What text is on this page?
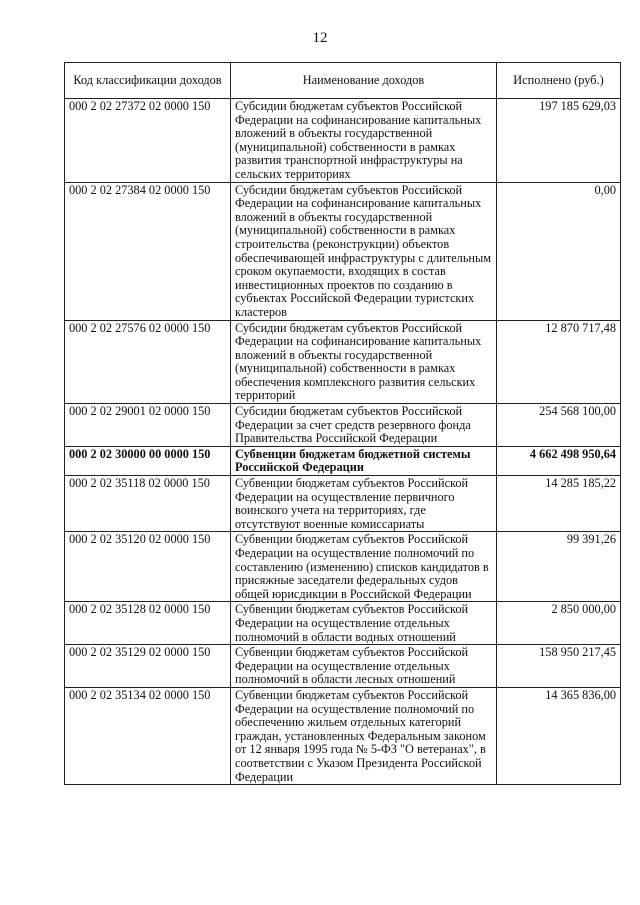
12
Код классификации доходов	Наименование доходов	Исполнено (руб.)
000 2 02 27372 02 0000 150	Субсидии бюджетам субъектов Российской Федерации на софинансирование капитальных вложений в объекты государственной (муниципальной) собственности в рамках развития транспортной инфраструктуры на сельских территориях	197 185 629,03
000 2 02 27384 02 0000 150	Субсидии бюджетам субъектов Российской Федерации на софинансирование капитальных вложений в объекты государственной (муниципальной) собственности в рамках строительства (реконструкции) объектов обеспечивающей инфраструктуры с длительным сроком окупаемости, входящих в состав инвестиционных проектов по созданию в субъектах Российской Федерации туристских кластеров	0,00
000 2 02 27576 02 0000 150	Субсидии бюджетам субъектов Российской Федерации на софинансирование капитальных вложений в объекты государственной (муниципальной) собственности в рамках обеспечения комплексного развития сельских территорий	12 870 717,48
000 2 02 29001 02 0000 150	Субсидии бюджетам субъектов Российской Федерации за счет средств резервного фонда Правительства Российской Федерации	254 568 100,00
000 2 02 30000 00 0000 150	Субвенции бюджетам бюджетной системы Российской Федерации	4 662 498 950,64
000 2 02 35118 02 0000 150	Субвенции бюджетам субъектов Российской Федерации на осуществление первичного воинского учета на территориях, где отсутствуют военные комиссариаты	14 285 185,22
000 2 02 35120 02 0000 150	Субвенции бюджетам субъектов Российской Федерации на осуществление полномочий по составлению (изменению) списков кандидатов в присяжные заседатели федеральных судов общей юрисдикции в Российской Федерации	99 391,26
000 2 02 35128 02 0000 150	Субвенции бюджетам субъектов Российской Федерации на осуществление отдельных полномочий в области водных отношений	2 850 000,00
000 2 02 35129 02 0000 150	Субвенции бюджетам субъектов Российской Федерации на осуществление отдельных полномочий в области лесных отношений	158 950 217,45
000 2 02 35134 02 0000 150	Субвенции бюджетам субъектов Российской Федерации на осуществление полномочий по обеспечению жильем отдельных категорий граждан, установленных Федеральным законом от 12 января 1995 года № 5-ФЗ "О ветеранах", в соответствии с Указом Президента Российской Федерации	14 365 836,00
